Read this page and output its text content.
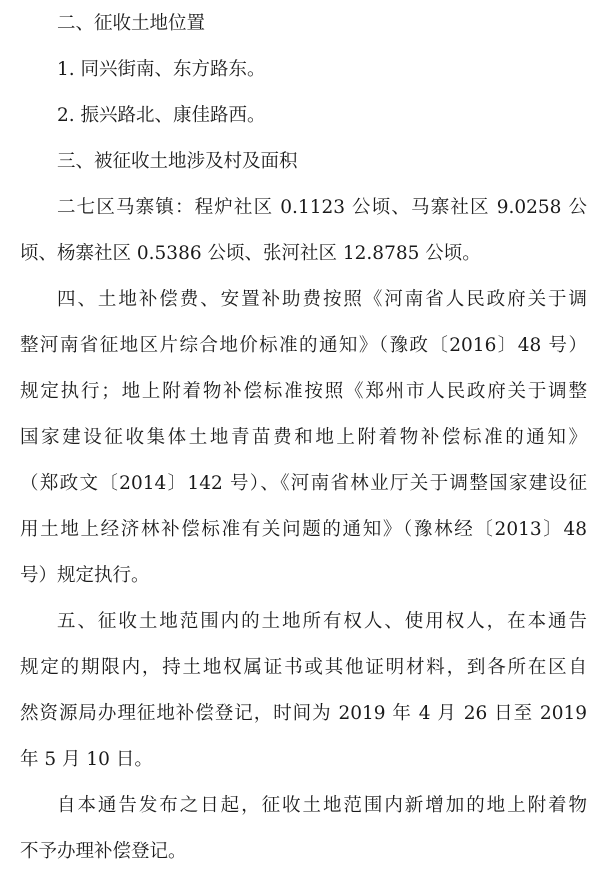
二、征收土地位置
1. 同兴街南、东方路东。
2. 振兴路北、康佳路西。
三、被征收土地涉及村及面积
二七区马寨镇：程炉社区 0.1123 公顷、马寨社区 9.0258 公
顷、杨寨社区 0.5386 公顷、张河社区 12.8785 公顷。
四、土地补偿费、安置补助费按照《河南省人民政府关于调
整河南省征地区片综合地价标准的通知》（豫政〔2016〕48 号）
规定执行；地上附着物补偿标准按照《郑州市人民政府关于调整
国家建设征收集体土地青苗费和地上附着物补偿标准的通知》
（郑政文〔2014〕142 号）、《河南省林业厅关于调整国家建设征
用土地上经济林补偿标准有关问题的通知》（豫林经〔2013〕48
号）规定执行。
五、征收土地范围内的土地所有权人、使用权人，在本通告
规定的期限内，持土地权属证书或其他证明材料，到各所在区自
然资源局办理征地补偿登记，时间为 2019 年 4 月 26 日至 2019
年 5 月 10 日。
自本通告发布之日起，征收土地范围内新增加的地上附着物
不予办理补偿登记。
